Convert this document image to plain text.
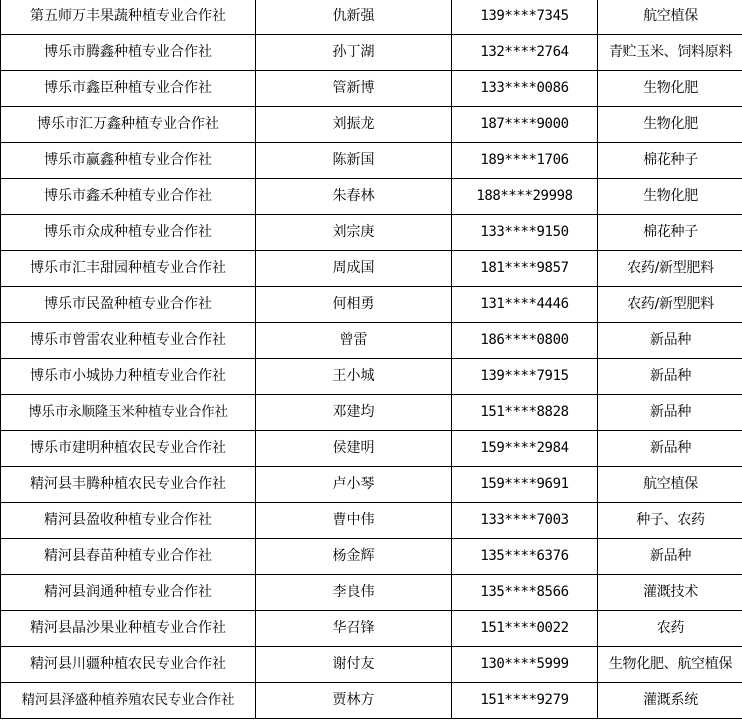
第五师万丰果蔬种植专业合作社	仇新强	139****7345	航空植保
博乐市腾鑫种植专业合作社	孙丁湖	132****2764	青贮玉米、饲料原料
博乐市鑫臣种植专业合作社	管新博	133****0086	生物化肥
博乐市汇万鑫种植专业合作社	刘振龙	187****9000	生物化肥
博乐市赢鑫种植专业合作社	陈新国	189****1706	棉花种子
博乐市鑫禾种植专业合作社	朱春林	188****29998	生物化肥
博乐市众成种植专业合作社	刘宗庚	133****9150	棉花种子
博乐市汇丰甜园种植专业合作社	周成国	181****9857	农药/新型肥料
博乐市民盈种植专业合作社	何相勇	131****4446	农药/新型肥料
博乐市曾雷农业种植专业合作社	曾雷	186****0800	新品种
博乐市小城协力种植专业合作社	王小城	139****7915	新品种
博乐市永顺隆玉米种植专业合作社	邓建均	151****8828	新品种
博乐市建明种植农民专业合作社	侯建明	159****2984	新品种
精河县丰腾种植农民专业合作社	卢小琴	159****9691	航空植保
精河县盈收种植专业合作社	曹中伟	133****7003	种子、农药
精河县春苗种植专业合作社	杨金辉	135****6376	新品种
精河县润通种植专业合作社	李良伟	135****8566	灌溉技术
精河县晶沙果业种植专业合作社	华召锋	151****0022	农药
精河县川疆种植农民专业合作社	谢付友	130****5999	生物化肥、航空植保
精河县泽盛种植养殖农民专业合作社	贾林方	151****9279	灌溉系统
